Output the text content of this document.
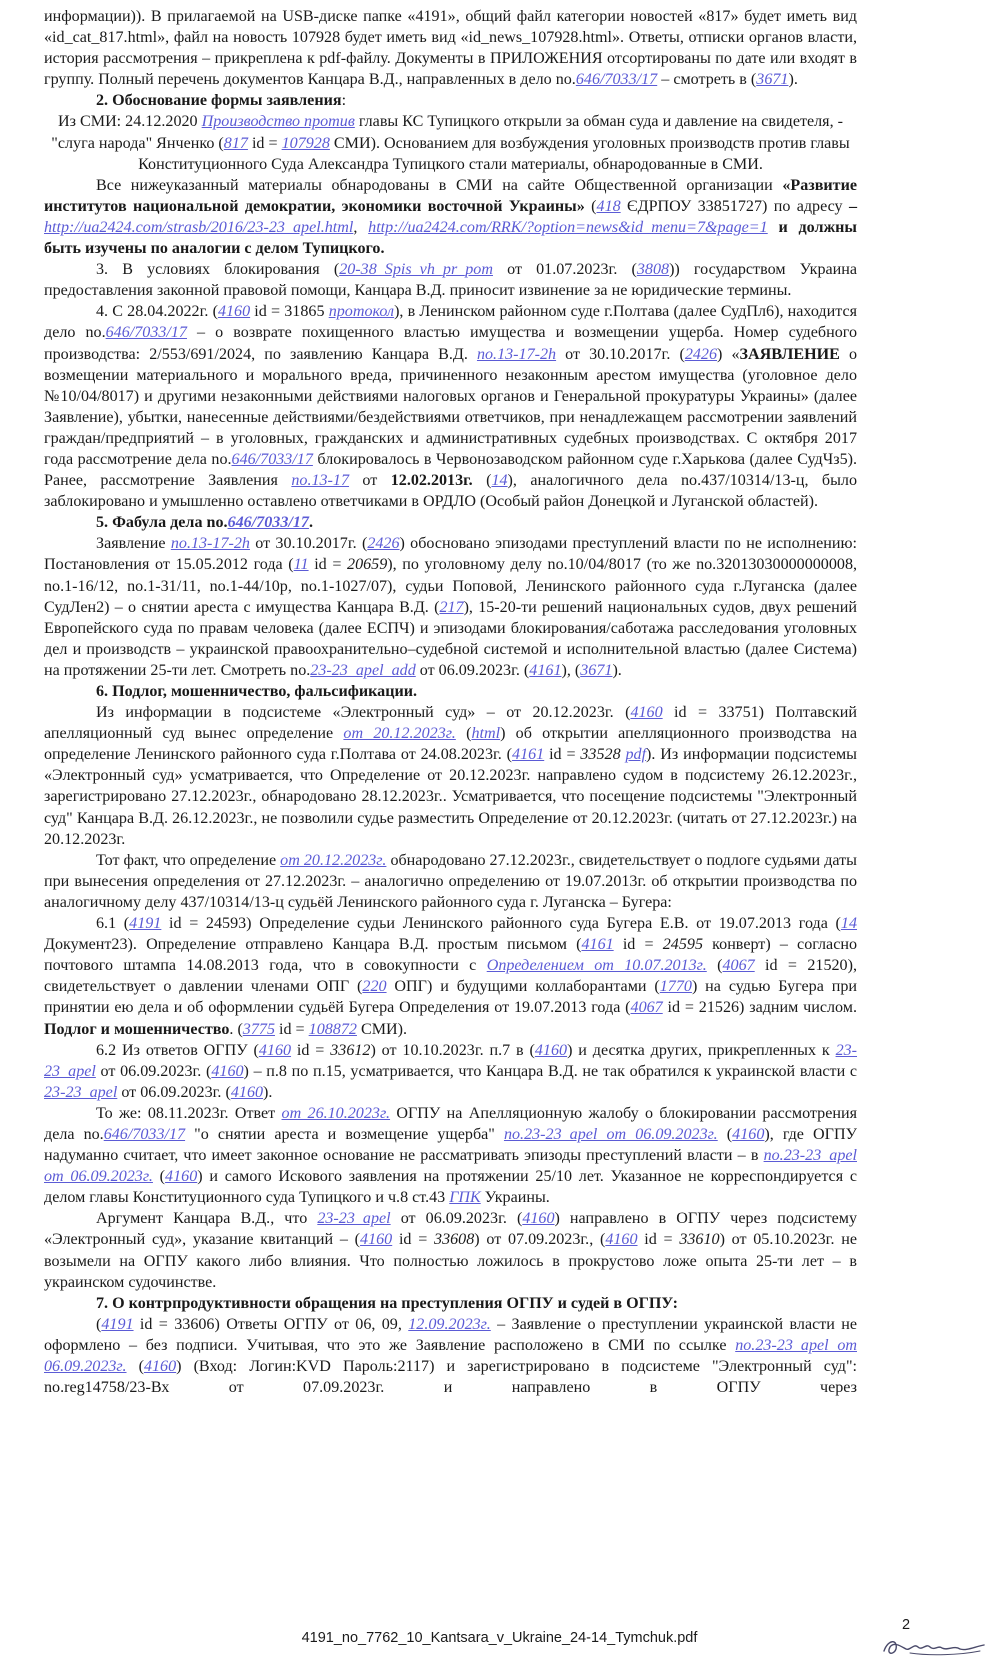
информации)). В прилагаемой на USB-диске папке «4191», общий файл категории новостей «817» будет иметь вид «id_cat_817.html», файл на новость 107928 будет иметь вид «id_news_107928.html». Ответы, отписки органов власти, история рассмотрения – прикреплена к pdf-файлу. Документы в ПРИЛОЖЕНИЯ отсортированы по дате или входят в группу. Полный перечень документов Канцара В.Д., направленных в дело no.646/7033/17 – смотреть в (3671).

2. Обоснование формы заявления:

Из СМИ: 24.12.2020 Производство против главы КС Тупицкого открыли за обман суда и давление на свидетеля, - "слуга народа" Янченко (817 id = 107928 СМИ). Основанием для возбуждения уголовных производств против главы Конституционного Суда Александра Тупицкого стали материалы, обнародованные в СМИ.

Все нижеуказанный материалы обнародованы в СМИ на сайте Общественной организации «Развитие институтов национальной демократии, экономики восточной Украины» (418 ЄДРПОУ 33851727) по адресу – http://ua2424.com/strasb/2016/23-23_apel.html, http://ua2424.com/RRK/?option=news&id_menu=7&page=1 и должны быть изучены по аналогии с делом Тупицкого.

3. В условиях блокирования (20-38_Spis_vh_pr_pom от 01.07.2023г. (3808)) государством Украина предоставления законной правовой помощи, Канцара В.Д. приносит извинение за не юридические термины.

4. С 28.04.2022г. (4160 id = 31865 протокол), в Ленинском районном суде г.Полтава (далее СудПл6), находится дело no.646/7033/17 – о возврате похищенного властью имущества и возмещении ущерба. Номер судебного производства: 2/553/691/2024, по заявлению Канцара В.Д. no.13-17-2h от 30.10.2017г. (2426) «ЗАЯВЛЕНИЕ о возмещении материального и морального вреда, причиненного незаконным арестом имущества (уголовное дело №10/04/8017) и другими незаконными действиями налоговых органов и Генеральной прокуратуры Украины» (далее Заявление), убытки, нанесенные действиями/бездействиями ответчиков, при ненадлежащем рассмотрении заявлений граждан/предприятий – в уголовных, гражданских и административных судебных производствах. С октября 2017 года рассмотрение дела no.646/7033/17 блокировалось в Червонозаводском районном суде г.Харькова (далее СудЧз5). Ранее, рассмотрение Заявления no.13-17 от 12.02.2013г. (14), аналогичного дела no.437/10314/13-ц, было заблокировано и умышленно оставлено ответчиками в ОРДЛО (Особый район Донецкой и Луганской областей).

5. Фабула дела no.646/7033/17.

Заявление no.13-17-2h от 30.10.2017г. (2426) обосновано эпизодами преступлений власти по не исполнению: Постановления от 15.05.2012 года (11 id = 20659), по уголовному делу no.10/04/8017 (то же no.32013030000000008, no.1-16/12, no.1-31/11, no.1-44/10р, no.1-1027/07), судьи Поповой, Ленинского районного суда г.Луганска (далее СудЛен2) – о снятии ареста с имущества Канцара В.Д. (217), 15-20-ти решений национальных судов, двух решений Европейского суда по правам человека (далее ЕСПЧ) и эпизодами блокирования/саботажа расследования уголовных дел и производств – украинской правоохранительно–судебной системой и исполнительной властью (далее Система) на протяжении 25-ти лет. Смотреть no.23-23_apel_add от 06.09.2023г. (4161), (3671).

6. Подлог, мошенничество, фальсификации.

Из информации в подсистеме «Электронный суд» – от 20.12.2023г. (4160 id = 33751) Полтавский апелляционный суд вынес определение от 20.12.2023г. (html) об открытии апелляционного производства на определение Ленинского районного суда г.Полтава от 24.08.2023г. (4161 id = 33528 pdf). Из информации подсистемы «Электронный суд» усматривается, что Определение от 20.12.2023г. направлено судом в подсистему 26.12.2023г., зарегистрировано 27.12.2023г., обнародовано 28.12.2023г.. Усматривается, что посещение подсистемы "Электронный суд" Канцара В.Д. 26.12.2023г., не позволили судье разместить Определение от 20.12.2023г. (читать от 27.12.2023г.) на 20.12.2023г.

Тот факт, что определение от 20.12.2023г. обнародовано 27.12.2023г., свидетельствует о подлоге судьями даты при вынесения определения от 27.12.2023г. – аналогично определению от 19.07.2013г. об открытии производства по аналогичному делу 437/10314/13-ц судьёй Ленинского районного суда г. Луганска – Бугера:

6.1 (4191 id = 24593) Определение судьи Ленинского районного суда Бугера Е.В. от 19.07.2013 года (14 Документ23). Определение отправлено Канцара В.Д. простым письмом (4161 id = 24595 конверт) – согласно почтового штампа 14.08.2013 года, что в совокупности с Определением от 10.07.2013г. (4067 id = 21520), свидетельствует о давлении членами ОПГ (220 ОПГ) и будущими коллаборантами (1770) на судью Бугера при принятии ею дела и об оформлении судьёй Бугера Определения от 19.07.2013 года (4067 id = 21526) задним числом. Подлог и мошенничество. (3775 id = 108872 СМИ).

6.2 Из ответов ОГПУ (4160 id = 33612) от 10.10.2023г. п.7 в (4160) и десятка других, прикрепленных к 23-23_apel от 06.09.2023г. (4160) – п.8 по п.15, усматривается, что Канцара В.Д. не так обратился к украинской власти с 23-23_apel от 06.09.2023г. (4160).

То же: 08.11.2023г. Ответ от 26.10.2023г. ОГПУ на Апелляционную жалобу о блокировании рассмотрения дела no.646/7033/17 "о снятии ареста и возмещение ущерба" no.23-23_apel от 06.09.2023г. (4160), где ОГПУ надуманно считает, что имеет законное основание не рассматривать эпизоды преступлений власти – в no.23-23_apel от 06.09.2023г. (4160) и самого Искового заявления на протяжении 25/10 лет. Указанное не корреспондируется с делом главы Конституционного суда Тупицкого и ч.8 ст.43 ГПК Украины.

Аргумент Канцара В.Д., что 23-23_apel от 06.09.2023г. (4160) направлено в ОГПУ через подсистему «Электронный суд», указание квитанций – (4160 id = 33608) от 07.09.2023г., (4160 id = 33610) от 05.10.2023г. не возымели на ОГПУ какого либо влияния. Что полностью ложилось в прокрустово ложе опыта 25-ти лет – в украинском судочинстве.

7. О контрпродуктивности обращения на преступления ОГПУ и судей в ОГПУ:

(4191 id = 33606) Ответы ОГПУ от 06, 09, 12.09.2023г. – Заявление о преступлении украинской власти не оформлено – без подписи. Учитывая, что это же Заявление расположено в СМИ по ссылке no.23-23_apel от 06.09.2023г. (4160) (Вход: Логин:KVD Пароль:2117) и зарегистрировано в подсистеме "Электронный суд": no.reg14758/23-Вх от 07.09.2023г. и направлено в ОГПУ через

2
4191_no_7762_10_Kantsara_v_Ukraine_24-14_Tymchuk.pdf
